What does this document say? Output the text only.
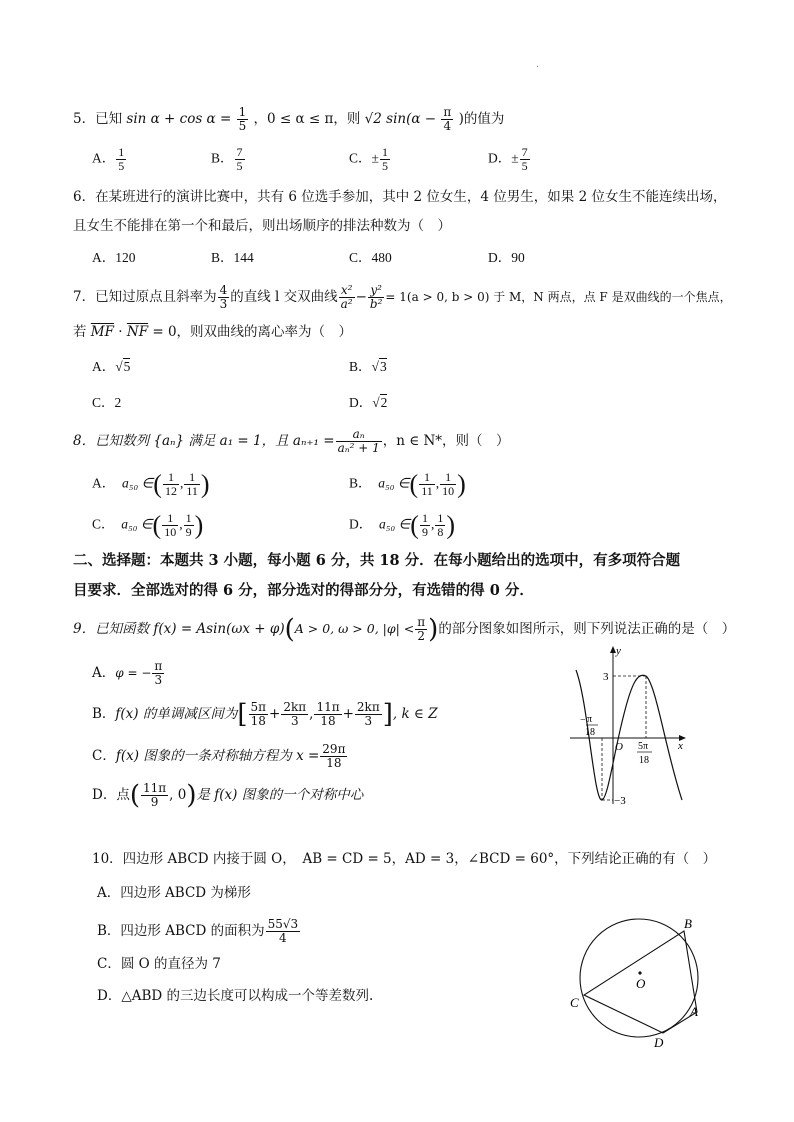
·
5．已知 $\sin \alpha + \cos \alpha = \frac{1}{5}$ ，0 ≤ α ≤ π，则 √2 $\sin(\alpha - \frac{\pi}{4}$ )的值为
A． $\frac{1}{5}$	B． $\frac{7}{5}$	C．± $\frac{1}{5}$	D．± $\frac{7}{5}$
6．在某班进行的演讲比赛中，共有 6 位选手参加，其中 2 位女生，4 位男生，如果 2 位女生不能连续出场，
且女生不能排在第一个和最后，则出场顺序的排法种数为（　）
A．120	B．144	C．480	D．90
7．已知过原点且斜率为 $\frac{4}{3}$ 的直线 l 交双曲线 $\frac{\text{x²}}{\text{a²}} - \frac{\text{y²}}{\text{b²}} = 1(a > 0$, b > 0) 于 M，N 两点，点 F 是双曲线的一个焦点，
若 $\overline{MF} \cdot \overline{NF} = 0$，则双曲线的离心率为（　）
A．√5	B．√3
C．2	D．√2
8．已知数列 {aₙ} 满足 a₁ = 1，且 $a_{n+1} = \frac{\text{aₙ}}{\text{aₙ² + 1}}$ ，n ∈ N*，则（　）
A． a₅₀ ∈( $\frac{1}{12}$ , $\frac{1}{11}$ )	B． a₅₀ ∈( $\frac{1}{11}$ , $\frac{1}{10}$ )
C． a₅₀ ∈( $\frac{1}{10}$ , $\frac{1}{9}$ )	D． a₅₀ ∈( $\frac{1}{9}$ , $\frac{1}{8}$ )
二、选择题：本题共 3 小题，每小题 6 分，共 18 分．在每小题给出的选项中，有多项符合题
目要求．全部选对的得 6 分，部分选对的得部分分，有选错的得 0 分．
9．已知函数 f(x) = Asin(ωx + φ)(A > 0, ω > 0, $|\varphi| < \frac{\pi}{2}$ )的部分图象如图所示，则下列说法正确的是（　）
A．φ = − $\frac{\pi}{3}$
B．f(x) 的单调减区间为[ $\frac{5\pi}{18} + \frac{2k\pi}{3}$ , $\frac{11\pi}{18} + \frac{2k\pi}{3}$ ], k ∈ Z
C．f(x) 图象的一条对称轴方程为 $x = \frac{29\pi}{18}$
D．点( $\frac{11\pi}{9}$ , 0)是 f(x) 图象的一个对称中心
y
x
O
3
−3
− π
18
5π
18
10．四边形 ABCD 内接于圆 O，　AB = CD = 5，AD = 3，∠BCD = 60°，下列结论正确的有（　）
A．四边形 ABCD 为梯形
B．四边形 ABCD 的面积为 $\frac{55√3}{4}$
C．圆 O 的直径为 7
D．△ABD 的三边长度可以构成一个等差数列.
O
B
A
D
C
